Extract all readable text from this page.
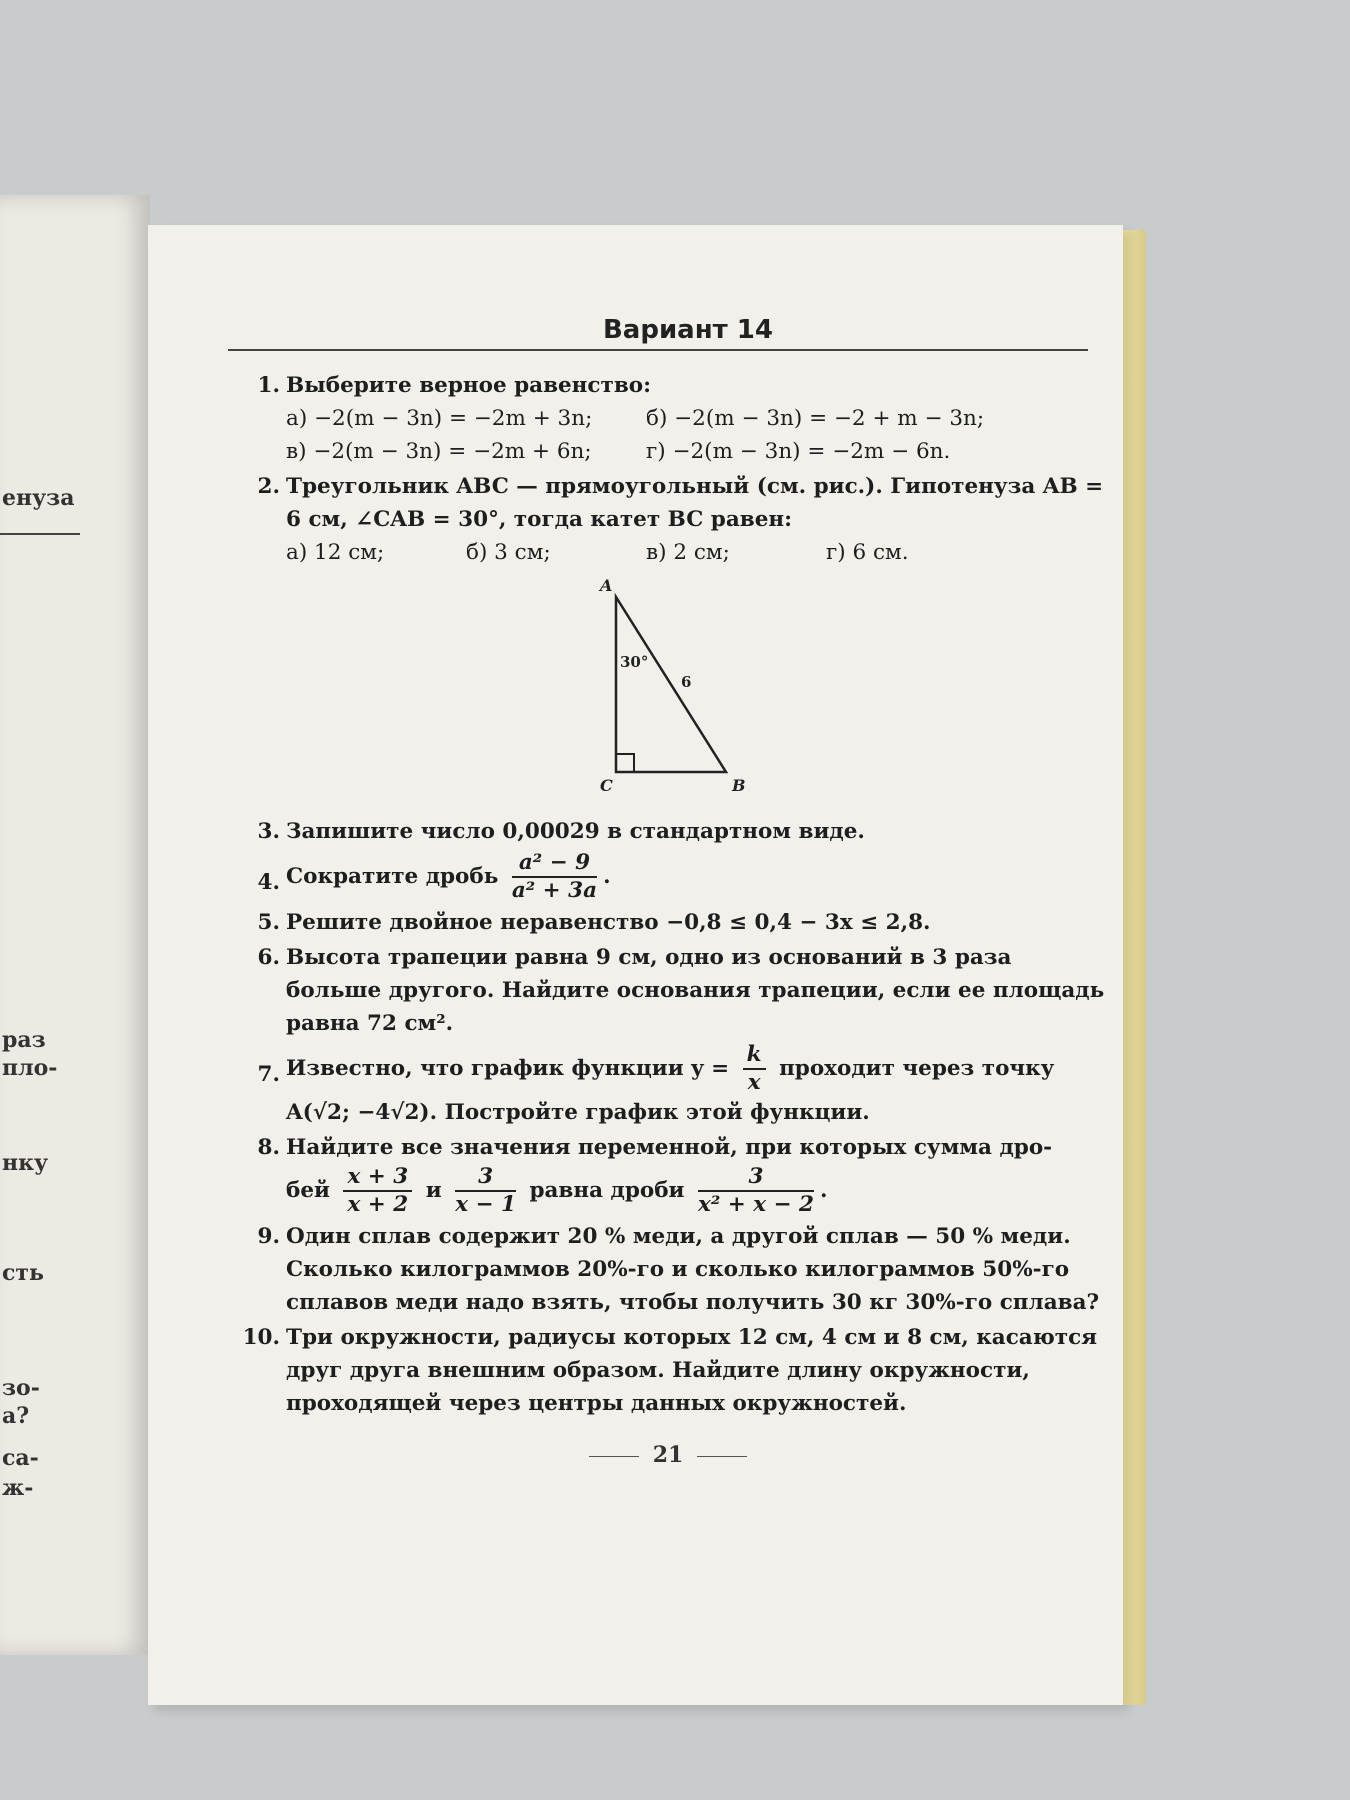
енуза
раз
пло-
нку
сть
зо-
а?
са-
ж-
Вариант 14
1. Выберите верное равенство:
а) −2(m − 3n) = −2m + 3n;	б) −2(m − 3n) = −2 + m − 3n;
в) −2(m − 3n) = −2m + 6n;	г) −2(m − 3n) = −2m − 6n.
2. Треугольник ABC — прямоугольный (см. рис.). Гипотенуза AB = 6 см, ∠CAB = 30°, тогда катет BC равен:
а) 12 см;	б) 3 см;	в) 2 см;	г) 6 см.
A
B
C
30°
6
3. Запишите число 0,00029 в стандартном виде.
4. Сократите дробь $\frac{\text{a² − 9}}{\text{a² + 3a}}$ .
5. Решите двойное неравенство −0,8 ≤ 0,4 − 3x ≤ 2,8.
6. Высота трапеции равна 9 см, одно из оснований в 3 раза больше другого. Найдите основания трапеции, если ее площадь равна 72 см².
7. Известно, что график функции $y = \frac{k}{x}$ проходит через точку
A(√2; −4√2). Постройте график этой функции.
8. Найдите все значения переменной, при которых сумма дро-
бей $\frac{x + 3}{x + 2}$ и $\frac{3}{x - 1}$ равна дроби $\frac{3}{\text{x² + x − 2}}$ .
9. Один сплав содержит 20 % меди, а другой сплав — 50 % меди. Сколько килограммов 20%-го и сколько килограммов 50%-го сплавов меди надо взять, чтобы получить 30 кг 30%-го сплава?
10. Три окружности, радиусы которых 12 см, 4 см и 8 см, касаются друг друга внешним образом. Найдите длину окружности, проходящей через центры данных окружностей.
21
